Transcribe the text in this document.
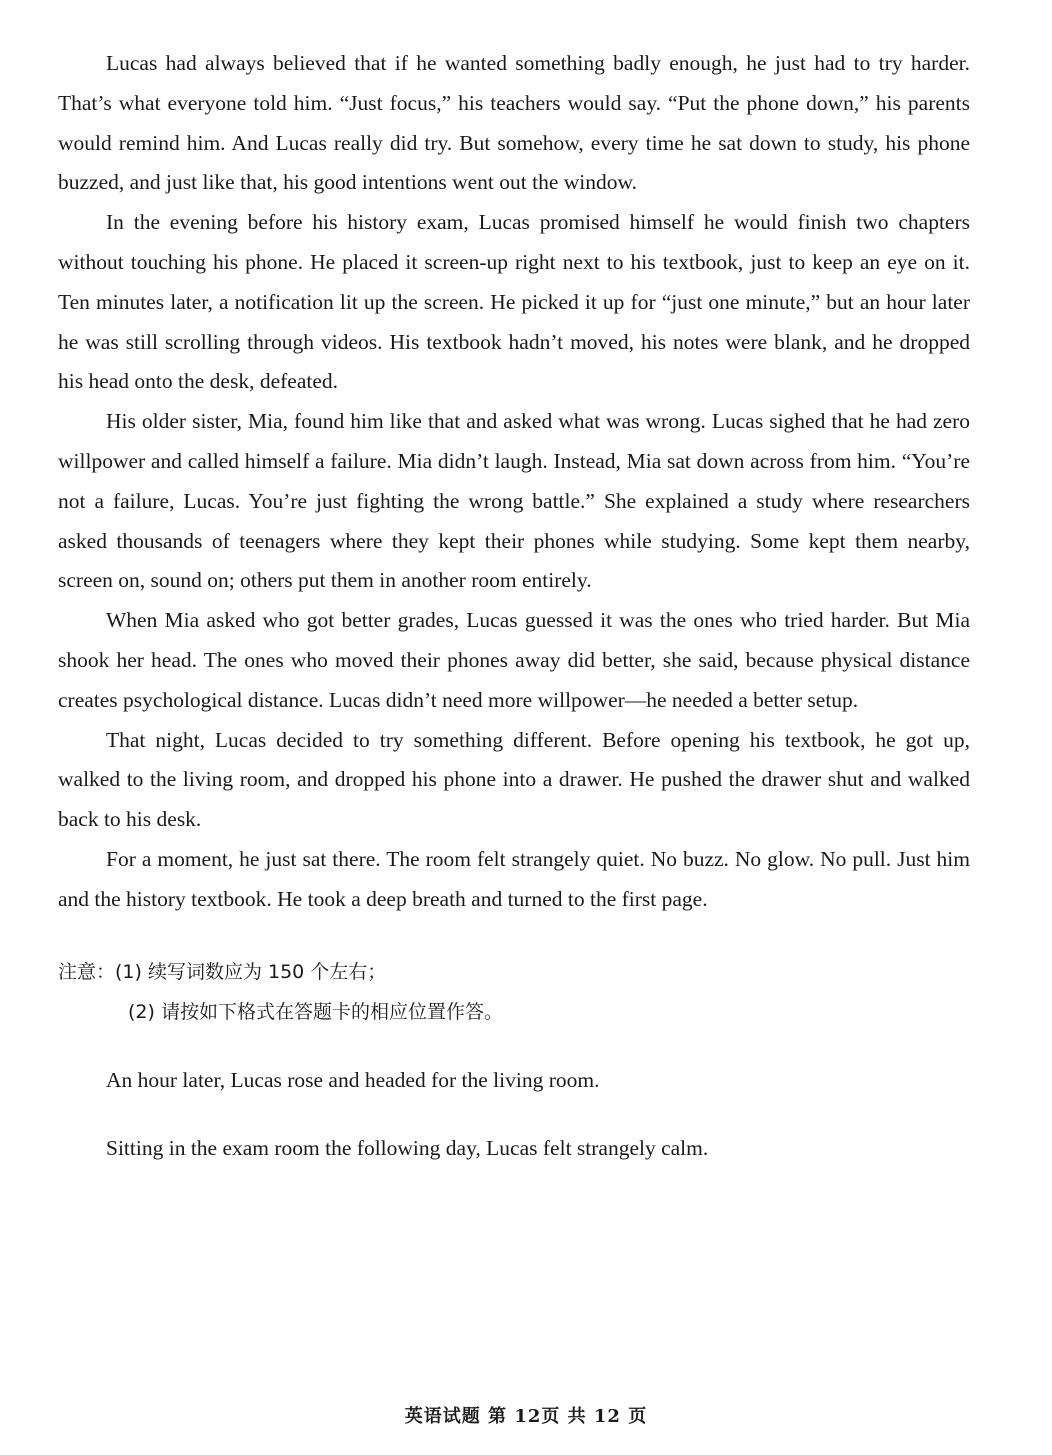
Lucas had always believed that if he wanted something badly enough, he just had to try harder. That’s what everyone told him. “Just focus,” his teachers would say. “Put the phone down,” his parents would remind him. And Lucas really did try. But somehow, every time he sat down to study, his phone buzzed, and just like that, his good intentions went out the window.

In the evening before his history exam, Lucas promised himself he would finish two chapters without touching his phone. He placed it screen-up right next to his textbook, just to keep an eye on it. Ten minutes later, a notification lit up the screen. He picked it up for “just one minute,” but an hour later he was still scrolling through videos. His textbook hadn’t moved, his notes were blank, and he dropped his head onto the desk, defeated.

His older sister, Mia, found him like that and asked what was wrong. Lucas sighed that he had zero willpower and called himself a failure. Mia didn’t laugh. Instead, Mia sat down across from him. “You’re not a failure, Lucas. You’re just fighting the wrong battle.” She explained a study where researchers asked thousands of teenagers where they kept their phones while studying. Some kept them nearby, screen on, sound on; others put them in another room entirely.

When Mia asked who got better grades, Lucas guessed it was the ones who tried harder. But Mia shook her head. The ones who moved their phones away did better, she said, because physical distance creates psychological distance. Lucas didn’t need more willpower—he needed a better setup.

That night, Lucas decided to try something different. Before opening his textbook, he got up, walked to the living room, and dropped his phone into a drawer. He pushed the drawer shut and walked back to his desk.

For a moment, he just sat there. The room felt strangely quiet. No buzz. No glow. No pull. Just him and the history textbook. He took a deep breath and turned to the first page.

注意：(1) 续写词数应为 150 个左右；
(2) 请按如下格式在答题卡的相应位置作答。

An hour later, Lucas rose and headed for the living room.

Sitting in the exam room the following day, Lucas felt strangely calm.

英语试题 第 12页 共 12 页
